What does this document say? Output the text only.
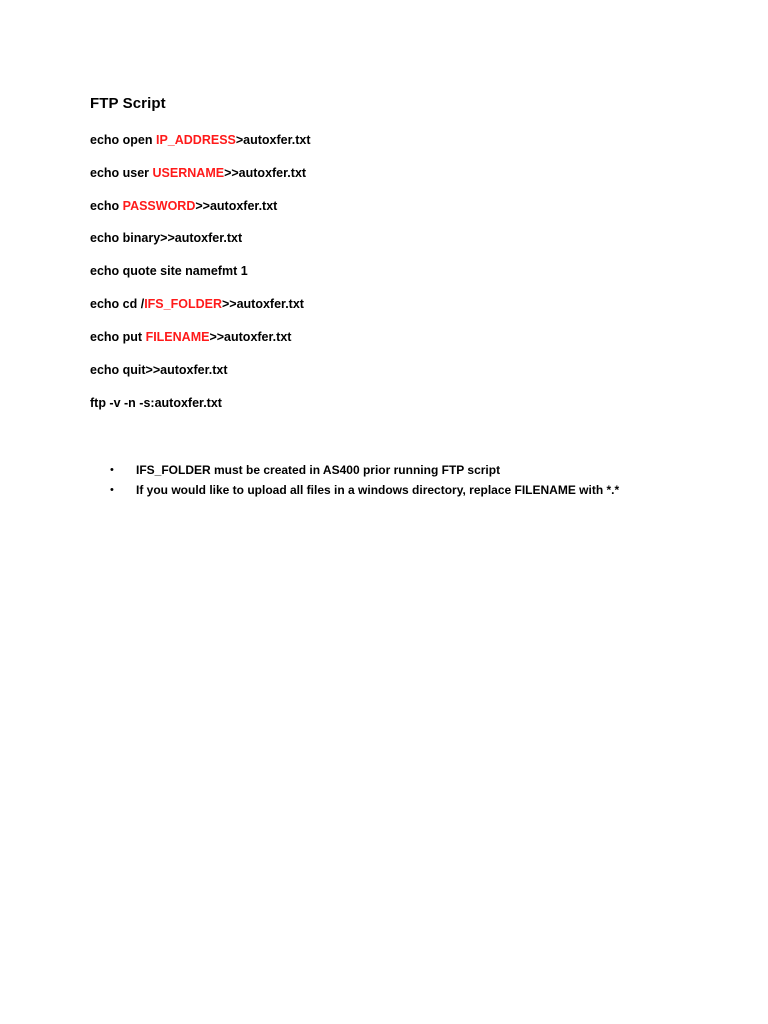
FTP Script
echo open IP_ADDRESS>autoxfer.txt
echo user USERNAME>>autoxfer.txt
echo PASSWORD>>autoxfer.txt
echo binary>>autoxfer.txt
echo quote site namefmt 1
echo cd /IFS_FOLDER>>autoxfer.txt
echo put FILENAME>>autoxfer.txt
echo quit>>autoxfer.txt
ftp -v -n -s:autoxfer.txt
• IFS_FOLDER must be created in AS400 prior running FTP script
• If you would like to upload all files in a windows directory, replace FILENAME with *.*
